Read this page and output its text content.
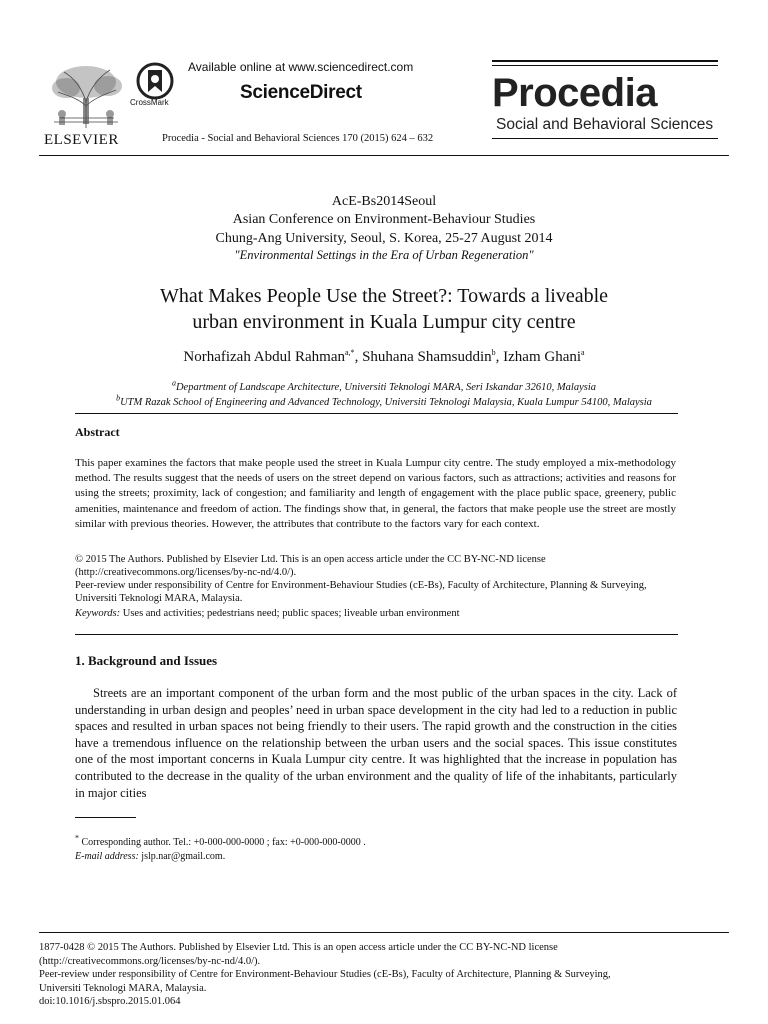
ELSEVIER
CrossMark
Available online at www.sciencedirect.com
ScienceDirect
Procedia - Social and Behavioral Sciences 170 (2015) 624 – 632
Procedia
Social and Behavioral Sciences
AcE-Bs2014Seoul
Asian Conference on Environment-Behaviour Studies
Chung-Ang University, Seoul, S. Korea, 25-27 August 2014
"Environmental Settings in the Era of Urban Regeneration"
What Makes People Use the Street?: Towards a liveable
urban environment in Kuala Lumpur city centre
Norhafizah Abdul Rahman$^{a,*}$, Shuhana Shamsuddin$^b$, Izham Ghani$^a$
$^a$Department of Landscape Architecture, Universiti Teknologi MARA, Seri Iskandar 32610, Malaysia
$^b$UTM Razak School of Engineering and Advanced Technology, Universiti Teknologi Malaysia, Kuala Lumpur 54100, Malaysia
Abstract
This paper examines the factors that make people used the street in Kuala Lumpur city centre. The study employed a mix-methodology method. The results suggest that the needs of users on the street depend on various factors, such as attractions; activities and reasons for using the streets; proximity, lack of congestion; and familiarity and length of engagement with the place public space, greenery, public amenities, maintenance and freedom of action. The findings show that, in general, the factors that make people use the street are mostly similar with previous theories. However, the attributes that contribute to the factors vary for each context.
© 2015 The Authors. Published by Elsevier Ltd. This is an open access article under the CC BY-NC-ND license
(http://creativecommons.org/licenses/by-nc-nd/4.0/).
Peer-review under responsibility of Centre for Environment-Behaviour Studies (cE-Bs), Faculty of Architecture, Planning & Surveying,
Universiti Teknologi MARA, Malaysia.
Keywords: Uses and activities; pedestrians need; public spaces; liveable urban environment
1. Background and Issues
Streets are an important component of the urban form and the most public of the urban spaces in the city. Lack of understanding in urban design and peoples’ need in urban space development in the city had led to a reduction in public spaces and resulted in urban spaces not being friendly to their users. The rapid growth and the construction in the cities have a tremendous influence on the relationship between the urban users and the social spaces. This issue constitutes one of the most important concerns in Kuala Lumpur city centre. It was highlighted that the increase in population has contributed to the decrease in the quality of the urban environment and the quality of life of the inhabitants, particularly in major cities
* Corresponding author. Tel.: +0-000-000-0000 ; fax: +0-000-000-0000 .
E-mail address: jslp.nar@gmail.com.
1877-0428 © 2015 The Authors. Published by Elsevier Ltd. This is an open access article under the CC BY-NC-ND license
(http://creativecommons.org/licenses/by-nc-nd/4.0/).
Peer-review under responsibility of Centre for Environment-Behaviour Studies (cE-Bs), Faculty of Architecture, Planning & Surveying,
Universiti Teknologi MARA, Malaysia.
doi:10.1016/j.sbspro.2015.01.064
